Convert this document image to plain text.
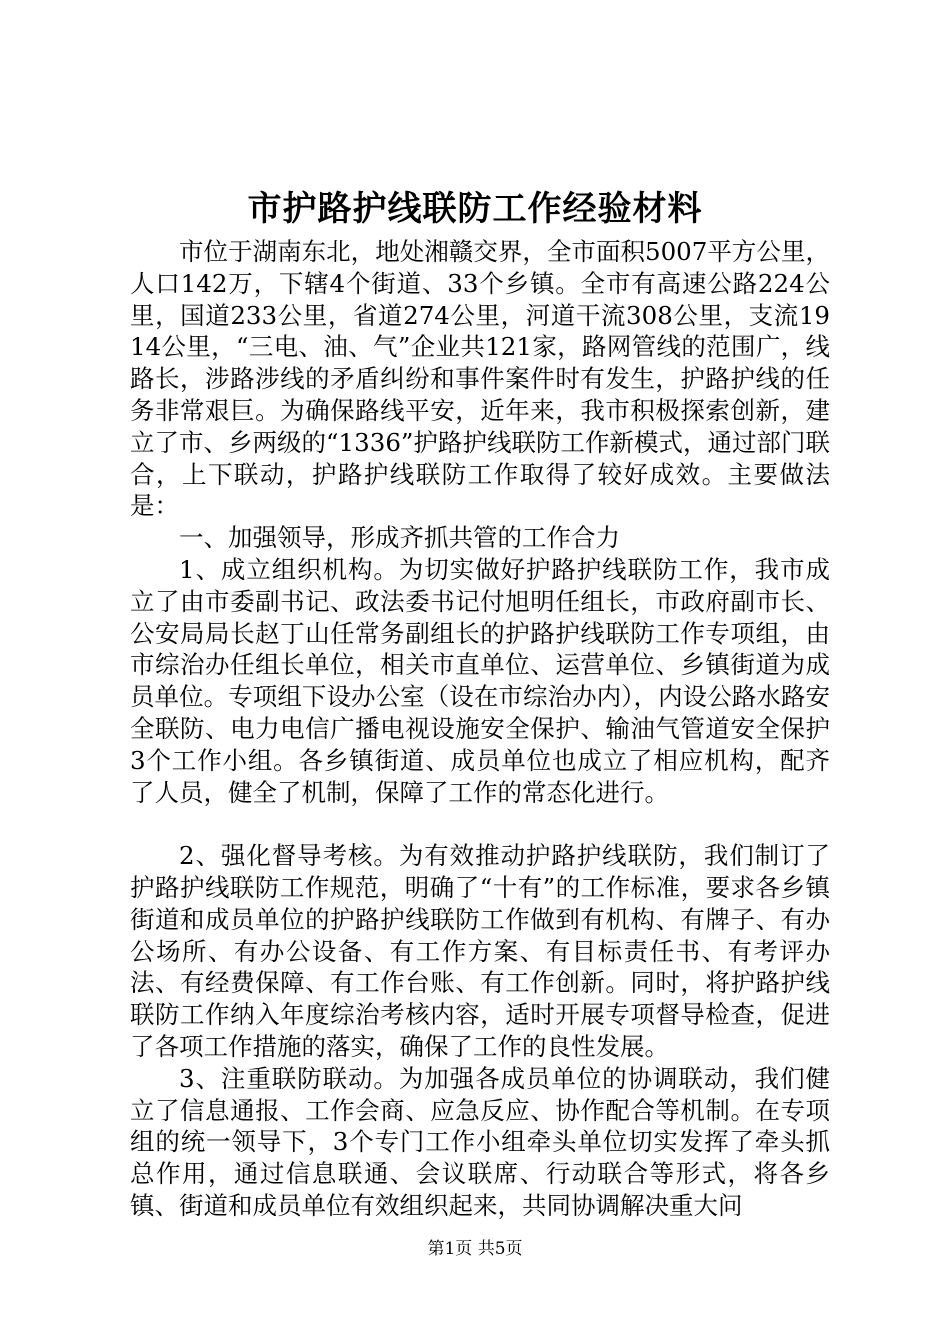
市护路护线联防工作经验材料

市位于湖南东北，地处湘赣交界，全市面积5007平方公里，人口142万，下辖4个街道、33个乡镇。全市有高速公路224公里，国道233公里，省道274公里，河道干流308公里，支流1914公里，“三电、油、气”企业共121家，路网管线的范围广，线路长，涉路涉线的矛盾纠纷和事件案件时有发生，护路护线的任务非常艰巨。为确保路线平安，近年来，我市积极探索创新，建立了市、乡两级的“1336”护路护线联防工作新模式，通过部门联合，上下联动，护路护线联防工作取得了较好成效。主要做法是：

一、加强领导，形成齐抓共管的工作合力

1、成立组织机构。为切实做好护路护线联防工作，我市成立了由市委副书记、政法委书记付旭明任组长，市政府副市长、公安局局长赵丁山任常务副组长的护路护线联防工作专项组，由市综治办任组长单位，相关市直单位、运营单位、乡镇街道为成员单位。专项组下设办公室（设在市综治办内），内设公路水路安全联防、电力电信广播电视设施安全保护、输油气管道安全保护3个工作小组。各乡镇街道、成员单位也成立了相应机构，配齐了人员，健全了机制，保障了工作的常态化进行。

2、强化督导考核。为有效推动护路护线联防，我们制订了护路护线联防工作规范，明确了“十有”的工作标准，要求各乡镇街道和成员单位的护路护线联防工作做到有机构、有牌子、有办公场所、有办公设备、有工作方案、有目标责任书、有考评办法、有经费保障、有工作台账、有工作创新。同时，将护路护线联防工作纳入年度综治考核内容，适时开展专项督导检查，促进了各项工作措施的落实，确保了工作的良性发展。

3、注重联防联动。为加强各成员单位的协调联动，我们健立了信息通报、工作会商、应急反应、协作配合等机制。在专项组的统一领导下，3个专门工作小组牵头单位切实发挥了牵头抓总作用，通过信息联通、会议联席、行动联合等形式，将各乡镇、街道和成员单位有效组织起来，共同协调解决重大问

第1页 共5页
